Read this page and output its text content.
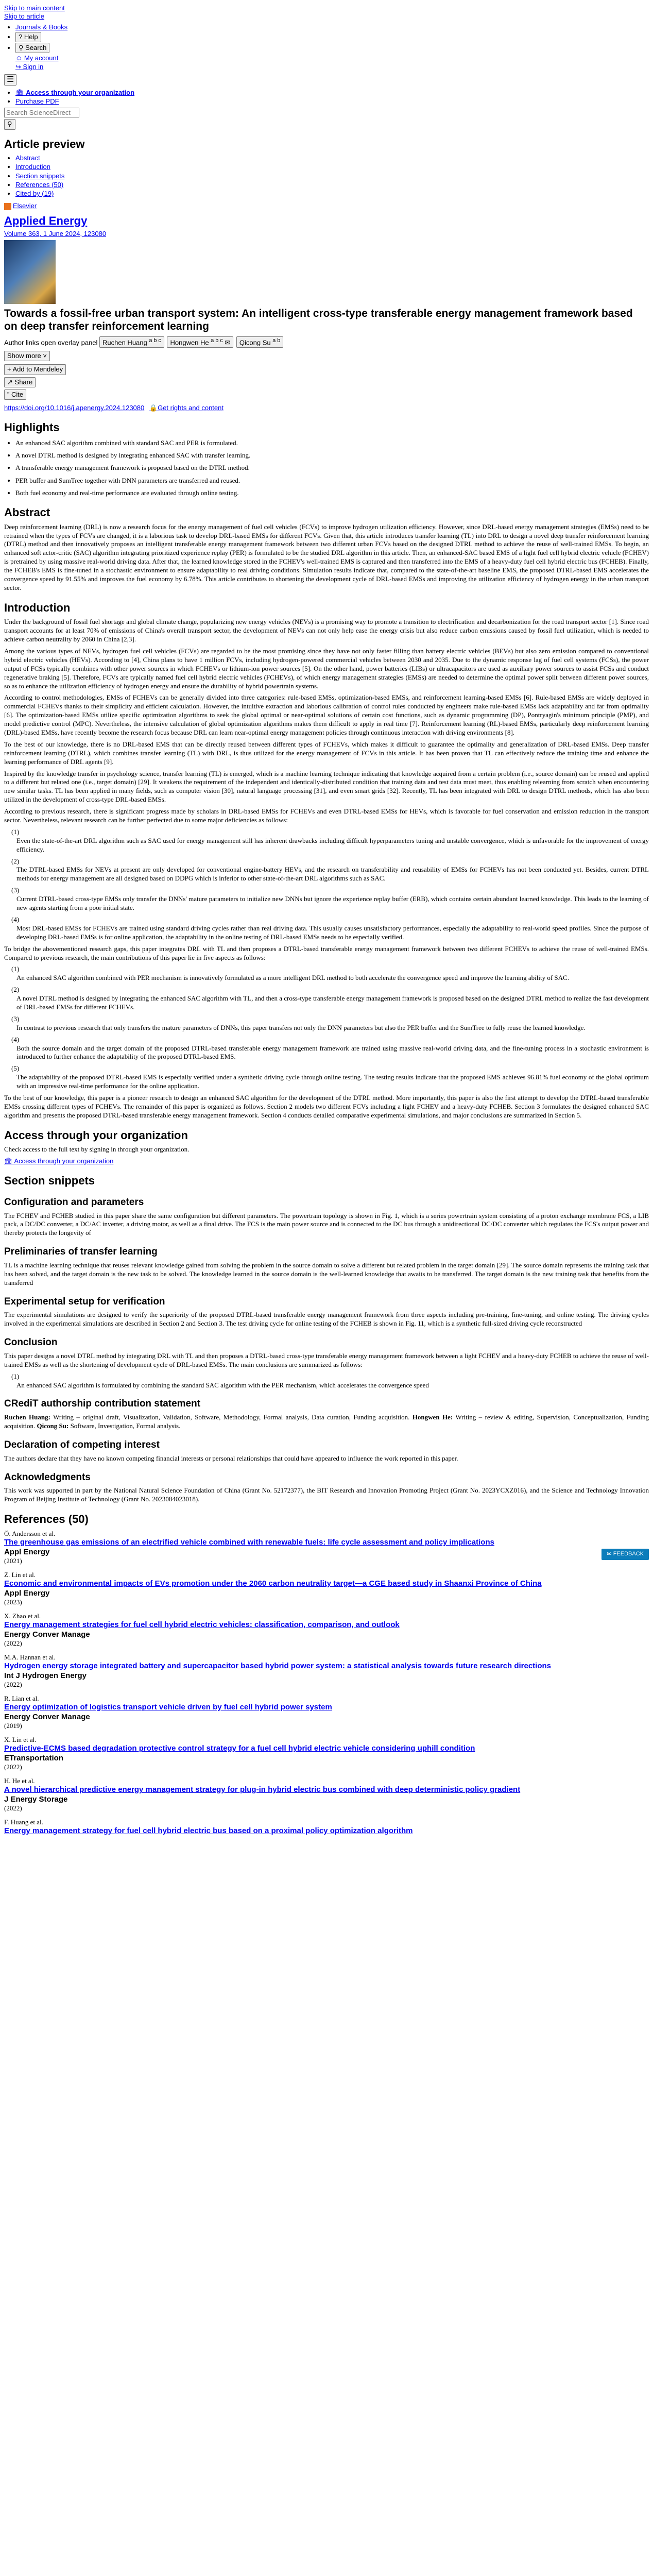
Skip to main content
Skip to article
• Journals & Books
• ? Help
• ⚲ Search
☺ My account
↪ Sign in
☰
• 🏛 Access through your organization
• Purchase PDF
Search ScienceDirect
⚲
Article preview
• Abstract
• Introduction
• Section snippets
• References (50)
• Cited by (19)
Elsevier
Applied Energy
Volume 363, 1 June 2024, 123080
Towards a fossil-free urban transport system: An intelligent cross-type transferable energy management framework based on deep transfer reinforcement learning
Author links open overlay panel Ruchen Huang $^{a b c}$ Hongwen He $^{a b c}$ ✉ Qicong Su $^{a b}$
Show more ˅
+ Add to Mendeley
↗ Share
” Cite
https://doi.org/10.1016/j.apenergy.2024.123080 🔒Get rights and content
Highlights
• An enhanced SAC algorithm combined with standard SAC and PER is formulated.
• A novel DTRL method is designed by integrating enhanced SAC with transfer learning.
• A transferable energy management framework is proposed based on the DTRL method.
• PER buffer and SumTree together with DNN parameters are transferred and reused.
• Both fuel economy and real-time performance are evaluated through online testing.
Abstract
Deep reinforcement learning (DRL) is now a research focus for the energy management of fuel cell vehicles (FCVs) to improve hydrogen utilization efficiency. However, since DRL-based energy management strategies (EMSs) need to be retrained when the types of FCVs are changed, it is a laborious task to develop DRL-based EMSs for different FCVs. Given that, this article introduces transfer learning (TL) into DRL to design a novel deep transfer reinforcement learning (DTRL) method and then innovatively proposes an intelligent transferable energy management framework between two different urban FCVs based on the designed DTRL method to achieve the reuse of well-trained EMSs. To begin, an enhanced soft actor-critic (SAC) algorithm integrating prioritized experience replay (PER) is formulated to be the studied DRL algorithm in this article. Then, an enhanced-SAC based EMS of a light fuel cell hybrid electric vehicle (FCHEV) is pretrained by using massive real-world driving data. After that, the learned knowledge stored in the FCHEV's well-trained EMS is captured and then transferred into the EMS of a heavy-duty fuel cell hybrid electric bus (FCHEB). Finally, the FCHEB's EMS is fine-tuned in a stochastic environment to ensure adaptability to real driving conditions. Simulation results indicate that, compared to the state-of-the-art baseline EMS, the proposed DTRL-based EMS accelerates the convergence speed by 91.55% and improves the fuel economy by 6.78%. This article contributes to shortening the development cycle of DRL-based EMSs and improving the utilization efficiency of hydrogen energy in the urban transport sector.
Introduction
Under the background of fossil fuel shortage and global climate change, popularizing new energy vehicles (NEVs) is a promising way to promote a transition to electrification and decarbonization for the road transport sector [1]. Since road transport accounts for at least 70% of emissions of China's overall transport sector, the development of NEVs can not only help ease the energy crisis but also reduce carbon emissions caused by fossil fuel utilization, which is needed to achieve carbon neutrality by 2060 in China [2,3].
Among the various types of NEVs, hydrogen fuel cell vehicles (FCVs) are regarded to be the most promising since they have not only faster filling than battery electric vehicles (BEVs) but also zero emission compared to conventional hybrid electric vehicles (HEVs). According to [4], China plans to have 1 million FCVs, including hydrogen-powered commercial vehicles between 2030 and 2035. Due to the dynamic response lag of fuel cell systems (FCSs), the power output of FCSs typically combines with other power sources in which FCHEVs or lithium-ion power sources [5]. On the other hand, power batteries (LIBs) or ultracapacitors are used as auxiliary power sources to assist FCSs and conduct regenerative braking [5]. Therefore, FCVs are typically named fuel cell hybrid electric vehicles (FCHEVs), of which energy management strategies (EMSs) are needed to determine the optimal power split between different power sources, so as to enhance the utilization efficiency of hydrogen energy and ensure the durability of hybrid powertrain systems.
According to control methodologies, EMSs of FCHEVs can be generally divided into three categories: rule-based EMSs, optimization-based EMSs, and reinforcement learning-based EMSs [6]. Rule-based EMSs are widely deployed in commercial FCHEVs thanks to their simplicity and efficient calculation. However, the intuitive extraction and laborious calibration of control rules conducted by engineers make rule-based EMSs lack adaptability and far from optimality [6]. The optimization-based EMSs utilize specific optimization algorithms to seek the global optimal or near-optimal solutions of certain cost functions, such as dynamic programming (DP), Pontryagin's minimum principle (PMP), and model predictive control (MPC). Nevertheless, the intensive calculation of global optimization algorithms makes them difficult to apply in real time [7]. Reinforcement learning (RL)-based EMSs, particularly deep reinforcement learning (DRL)-based EMSs, have recently become the research focus because DRL can learn near-optimal energy management policies through continuous interaction with driving environments [8].
To the best of our knowledge, there is no DRL-based EMS that can be directly reused between different types of FCHEVs, which makes it difficult to guarantee the optimality and generalization of DRL-based EMSs. Deep transfer reinforcement learning (DTRL), which combines transfer learning (TL) with DRL, is thus utilized for the energy management of FCVs in this article. It has been proven that TL can effectively reduce the training time and enhance the learning performance of DRL agents [9].
Inspired by the knowledge transfer in psychology science, transfer learning (TL) is emerged, which is a machine learning technique indicating that knowledge acquired from a certain problem (i.e., source domain) can be reused and applied to a different but related one (i.e., target domain) [29]. It weakens the requirement of the independent and identically-distributed condition that training data and test data must meet, thus enabling relearning from scratch when encountering new similar tasks. TL has been applied in many fields, such as computer vision [30], natural language processing [31], and even smart grids [32]. Recently, TL has been integrated with DRL to design DTRL methods, which has also been utilized in the development of cross-type DRL-based EMSs.
According to previous research, there is significant progress made by scholars in DRL-based EMSs for FCHEVs and even DTRL-based EMSs for HEVs, which is favorable for fuel conservation and emission reduction in the transport sector. Nevertheless, relevant research can be further perfected due to some major deficiencies as follows:
(1)
Even the state-of-the-art DRL algorithm such as SAC used for energy management still has inherent drawbacks including difficult hyperparameters tuning and unstable convergence, which is unfavorable for the improvement of energy efficiency.
(2)
The DTRL-based EMSs for NEVs at present are only developed for conventional engine-battery HEVs, and the research on transferability and reusability of EMSs for FCHEVs has not been conducted yet. Besides, current DTRL methods for energy management are all designed based on DDPG which is inferior to other state-of-the-art DRL algorithms such as SAC.
(3)
Current DTRL-based cross-type EMSs only transfer the DNNs' mature parameters to initialize new DNNs but ignore the experience replay buffer (ERB), which contains certain abundant learned knowledge. This leads to the learning of new agents starting from a poor initial state.
(4)
Most DRL-based EMSs for FCHEVs are trained using standard driving cycles rather than real driving data. This usually causes unsatisfactory performances, especially the adaptability to real-world speed profiles. Since the purpose of developing DRL-based EMSs is for online application, the adaptability in the online testing of DRL-based EMSs needs to be especially verified.
To bridge the abovementioned research gaps, this paper integrates DRL with TL and then proposes a DTRL-based transferable energy management framework between two different FCHEVs to achieve the reuse of well-trained EMSs. Compared to previous research, the main contributions of this paper lie in five aspects as follows:
(1)
An enhanced SAC algorithm combined with PER mechanism is innovatively formulated as a more intelligent DRL method to both accelerate the convergence speed and improve the learning ability of SAC.
(2)
A novel DTRL method is designed by integrating the enhanced SAC algorithm with TL, and then a cross-type transferable energy management framework is proposed based on the designed DTRL method to realize the fast development of DRL-based EMSs for different FCHEVs.
(3)
In contrast to previous research that only transfers the mature parameters of DNNs, this paper transfers not only the DNN parameters but also the PER buffer and the SumTree to fully reuse the learned knowledge.
(4)
Both the source domain and the target domain of the proposed DTRL-based transferable energy management framework are trained using massive real-world driving data, and the fine-tuning process in a stochastic environment is introduced to further enhance the adaptability of the proposed DTRL-based EMS.
(5)
The adaptability of the proposed DTRL-based EMS is especially verified under a synthetic driving cycle through online testing. The testing results indicate that the proposed EMS achieves 96.81% fuel economy of the global optimum with an impressive real-time performance for the online application.
To the best of our knowledge, this paper is a pioneer research to design an enhanced SAC algorithm for the development of the DTRL method. More importantly, this paper is also the first attempt to develop the DTRL-based transferable EMSs crossing different types of FCHEVs. The remainder of this paper is organized as follows. Section 2 models two different FCVs including a light FCHEV and a heavy-duty FCHEB. Section 3 formulates the designed enhanced SAC algorithm and presents the proposed DTRL-based transferable energy management framework. Section 4 conducts detailed comparative experimental simulations, and major conclusions are summarized in Section 5.
Access through your organization
Check access to the full text by signing in through your organization.
🏛 Access through your organization
Section snippets
✉ FEEDBACK
Configuration and parameters
The FCHEV and FCHEB studied in this paper share the same configuration but different parameters. The powertrain topology is shown in Fig. 1, which is a series powertrain system consisting of a proton exchange membrane FCS, a LIB pack, a DC/DC converter, a DC/AC inverter, a driving motor, as well as a final drive. The FCS is the main power source and is connected to the DC bus through a unidirectional DC/DC converter which regulates the FCS's output power and thereby protects the longevity of
Preliminaries of transfer learning
TL is a machine learning technique that reuses relevant knowledge gained from solving the problem in the source domain to solve a different but related problem in the target domain [29]. The source domain represents the training task that has been solved, and the target domain is the new task to be solved. The knowledge learned in the source domain is the well-learned knowledge that awaits to be transferred. The target domain is the new training task that benefits from the transferred
Experimental setup for verification
The experimental simulations are designed to verify the superiority of the proposed DTRL-based transferable energy management framework from three aspects including pre-training, fine-tuning, and online testing. The driving cycles involved in the experimental simulations are described in Section 2 and Section 3. The test driving cycle for online testing of the FCHEB is shown in Fig. 11, which is a synthetic full-sized driving cycle reconstructed
Conclusion
This paper designs a novel DTRL method by integrating DRL with TL and then proposes a DTRL-based cross-type transferable energy management framework between a light FCHEV and a heavy-duty FCHEB to achieve the reuse of well-trained EMSs as well as the shortening of development cycle of DRL-based EMSs. The main conclusions are summarized as follows:
(1)
An enhanced SAC algorithm is formulated by combining the standard SAC algorithm with the PER mechanism, which accelerates the convergence speed
CRediT authorship contribution statement
Ruchen Huang: Writing – original draft, Visualization, Validation, Software, Methodology, Formal analysis, Data curation, Funding acquisition. Hongwen He: Writing – review & editing, Supervision, Conceptualization, Funding acquisition. Qicong Su: Software, Investigation, Formal analysis.
Declaration of competing interest
The authors declare that they have no known competing financial interests or personal relationships that could have appeared to influence the work reported in this paper.
Acknowledgments
This work was supported in part by the National Natural Science Foundation of China (Grant No. 52172377), the BIT Research and Innovation Promoting Project (Grant No. 2023YCXZ016), and the Science and Technology Innovation Program of Beijing Institute of Technology (Grant No. 2023084023018).
References (50)
Ö. Andersson et al.
The greenhouse gas emissions of an electrified vehicle combined with renewable fuels: life cycle assessment and policy implications
Appl Energy
(2021)
Z. Lin et al.
Economic and environmental impacts of EVs promotion under the 2060 carbon neutrality target—a CGE based study in Shaanxi Province of China
Appl Energy
(2023)
X. Zhao et al.
Energy management strategies for fuel cell hybrid electric vehicles: classification, comparison, and outlook
Energy Conver Manage
(2022)
M.A. Hannan et al.
Hydrogen energy storage integrated battery and supercapacitor based hybrid power system: a statistical analysis towards future research directions
Int J Hydrogen Energy
(2022)
R. Lian et al.
Energy optimization of logistics transport vehicle driven by fuel cell hybrid power system
Energy Conver Manage
(2019)
X. Lin et al.
Predictive-ECMS based degradation protective control strategy for a fuel cell hybrid electric vehicle considering uphill condition
ETransportation
(2022)
H. He et al.
A novel hierarchical predictive energy management strategy for plug-in hybrid electric bus combined with deep deterministic policy gradient
J Energy Storage
(2022)
F. Huang et al.
Energy management strategy for fuel cell hybrid electric bus based on a proximal policy optimization algorithm
